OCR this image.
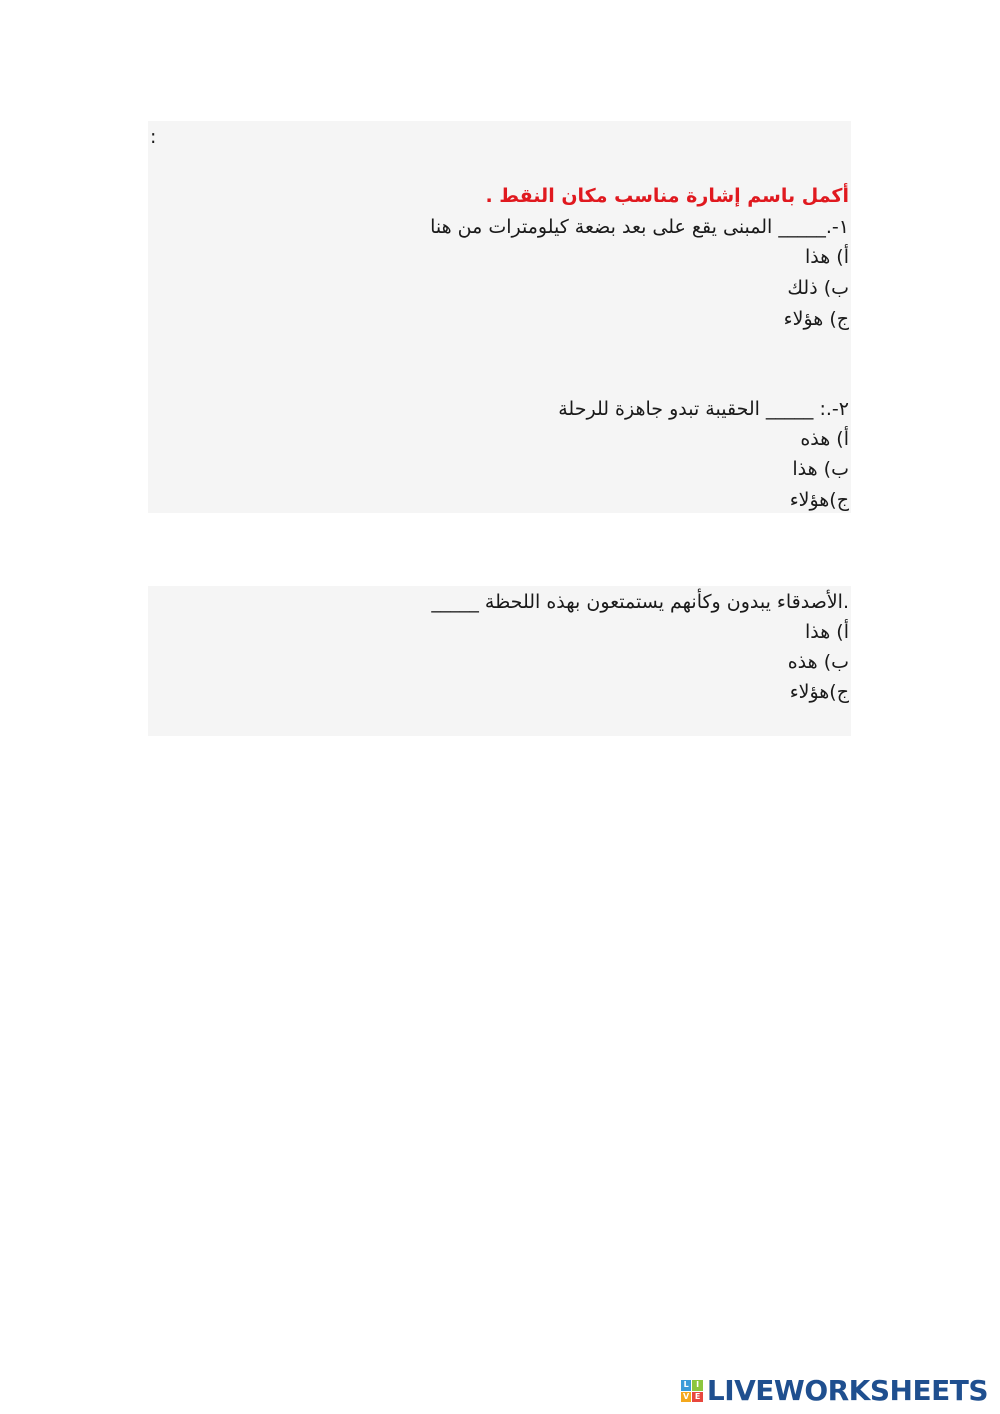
:
أكمل باسم إشارة مناسب مكان النقط .
١-._____ المبنى يقع على بعد بضعة كيلومترات من هنا
أ) هذا
ب) ذلك
ج) هؤلاء
٢-.: _____ الحقيبة تبدو جاهزة للرحلة
أ) هذه
ب) هذا
ج)هؤلاء
.الأصدقاء يبدون وكأنهم يستمتعون بهذه اللحظة _____
أ) هذا
ب) هذه
ج)هؤلاء
L I
V E LIVEWORKSHEETS
